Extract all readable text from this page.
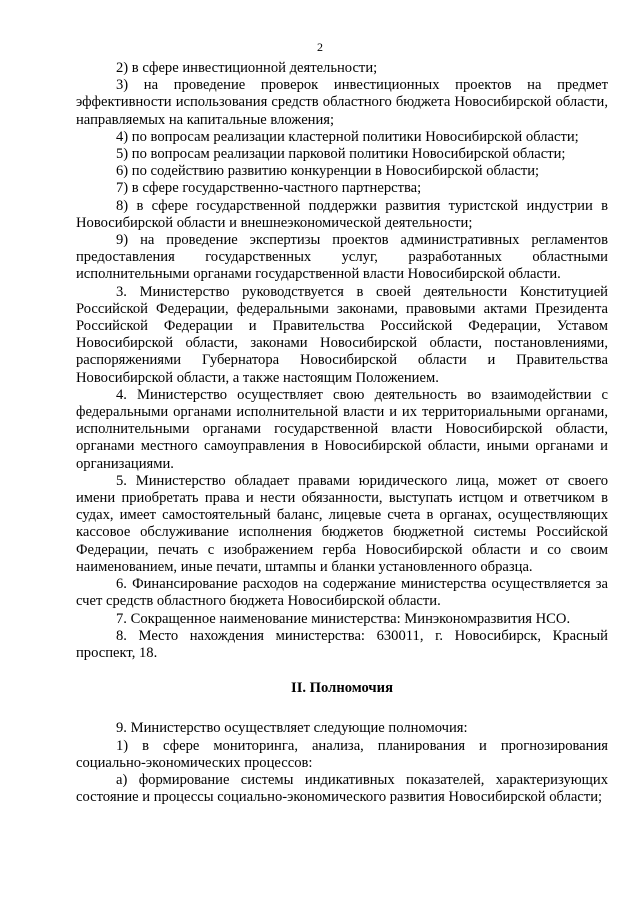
2

2) в сфере инвестиционной деятельности;

3) на проведение проверок инвестиционных проектов на предмет эффективности использования средств областного бюджета Новосибирской области, направляемых на капитальные вложения;

4) по вопросам реализации кластерной политики Новосибирской области;

5) по вопросам реализации парковой политики Новосибирской области;

6) по содействию развитию конкуренции в Новосибирской области;

7) в сфере государственно-частного партнерства;

8) в сфере государственной поддержки развития туристской индустрии в Новосибирской области и внешнеэкономической деятельности;

9) на проведение экспертизы проектов административных регламентов предоставления государственных услуг, разработанных областными исполнительными органами государственной власти Новосибирской области.

3. Министерство руководствуется в своей деятельности Конституцией Российской Федерации, федеральными законами, правовыми актами Президента Российской Федерации и Правительства Российской Федерации, Уставом Новосибирской области, законами Новосибирской области, постановлениями, распоряжениями Губернатора Новосибирской области и Правительства Новосибирской области, а также настоящим Положением.

4. Министерство осуществляет свою деятельность во взаимодействии с федеральными органами исполнительной власти и их территориальными органами, исполнительными органами государственной власти Новосибирской области, органами местного самоуправления в Новосибирской области, иными органами и организациями.

5. Министерство обладает правами юридического лица, может от своего имени приобретать права и нести обязанности, выступать истцом и ответчиком в судах, имеет самостоятельный баланс, лицевые счета в органах, осуществляющих кассовое обслуживание исполнения бюджетов бюджетной системы Российской Федерации, печать с изображением герба Новосибирской области и со своим наименованием, иные печати, штампы и бланки установленного образца.

6. Финансирование расходов на содержание министерства осуществляется за счет средств областного бюджета Новосибирской области.

7. Сокращенное наименование министерства: Минэкономразвития НСО.

8. Место нахождения министерства: 630011, г. Новосибирск, Красный проспект, 18.

II. Полномочия

9. Министерство осуществляет следующие полномочия:

1) в сфере мониторинга, анализа, планирования и прогнозирования социально-экономических процессов:

а) формирование системы индикативных показателей, характеризующих состояние и процессы социально-экономического развития Новосибирской области;
